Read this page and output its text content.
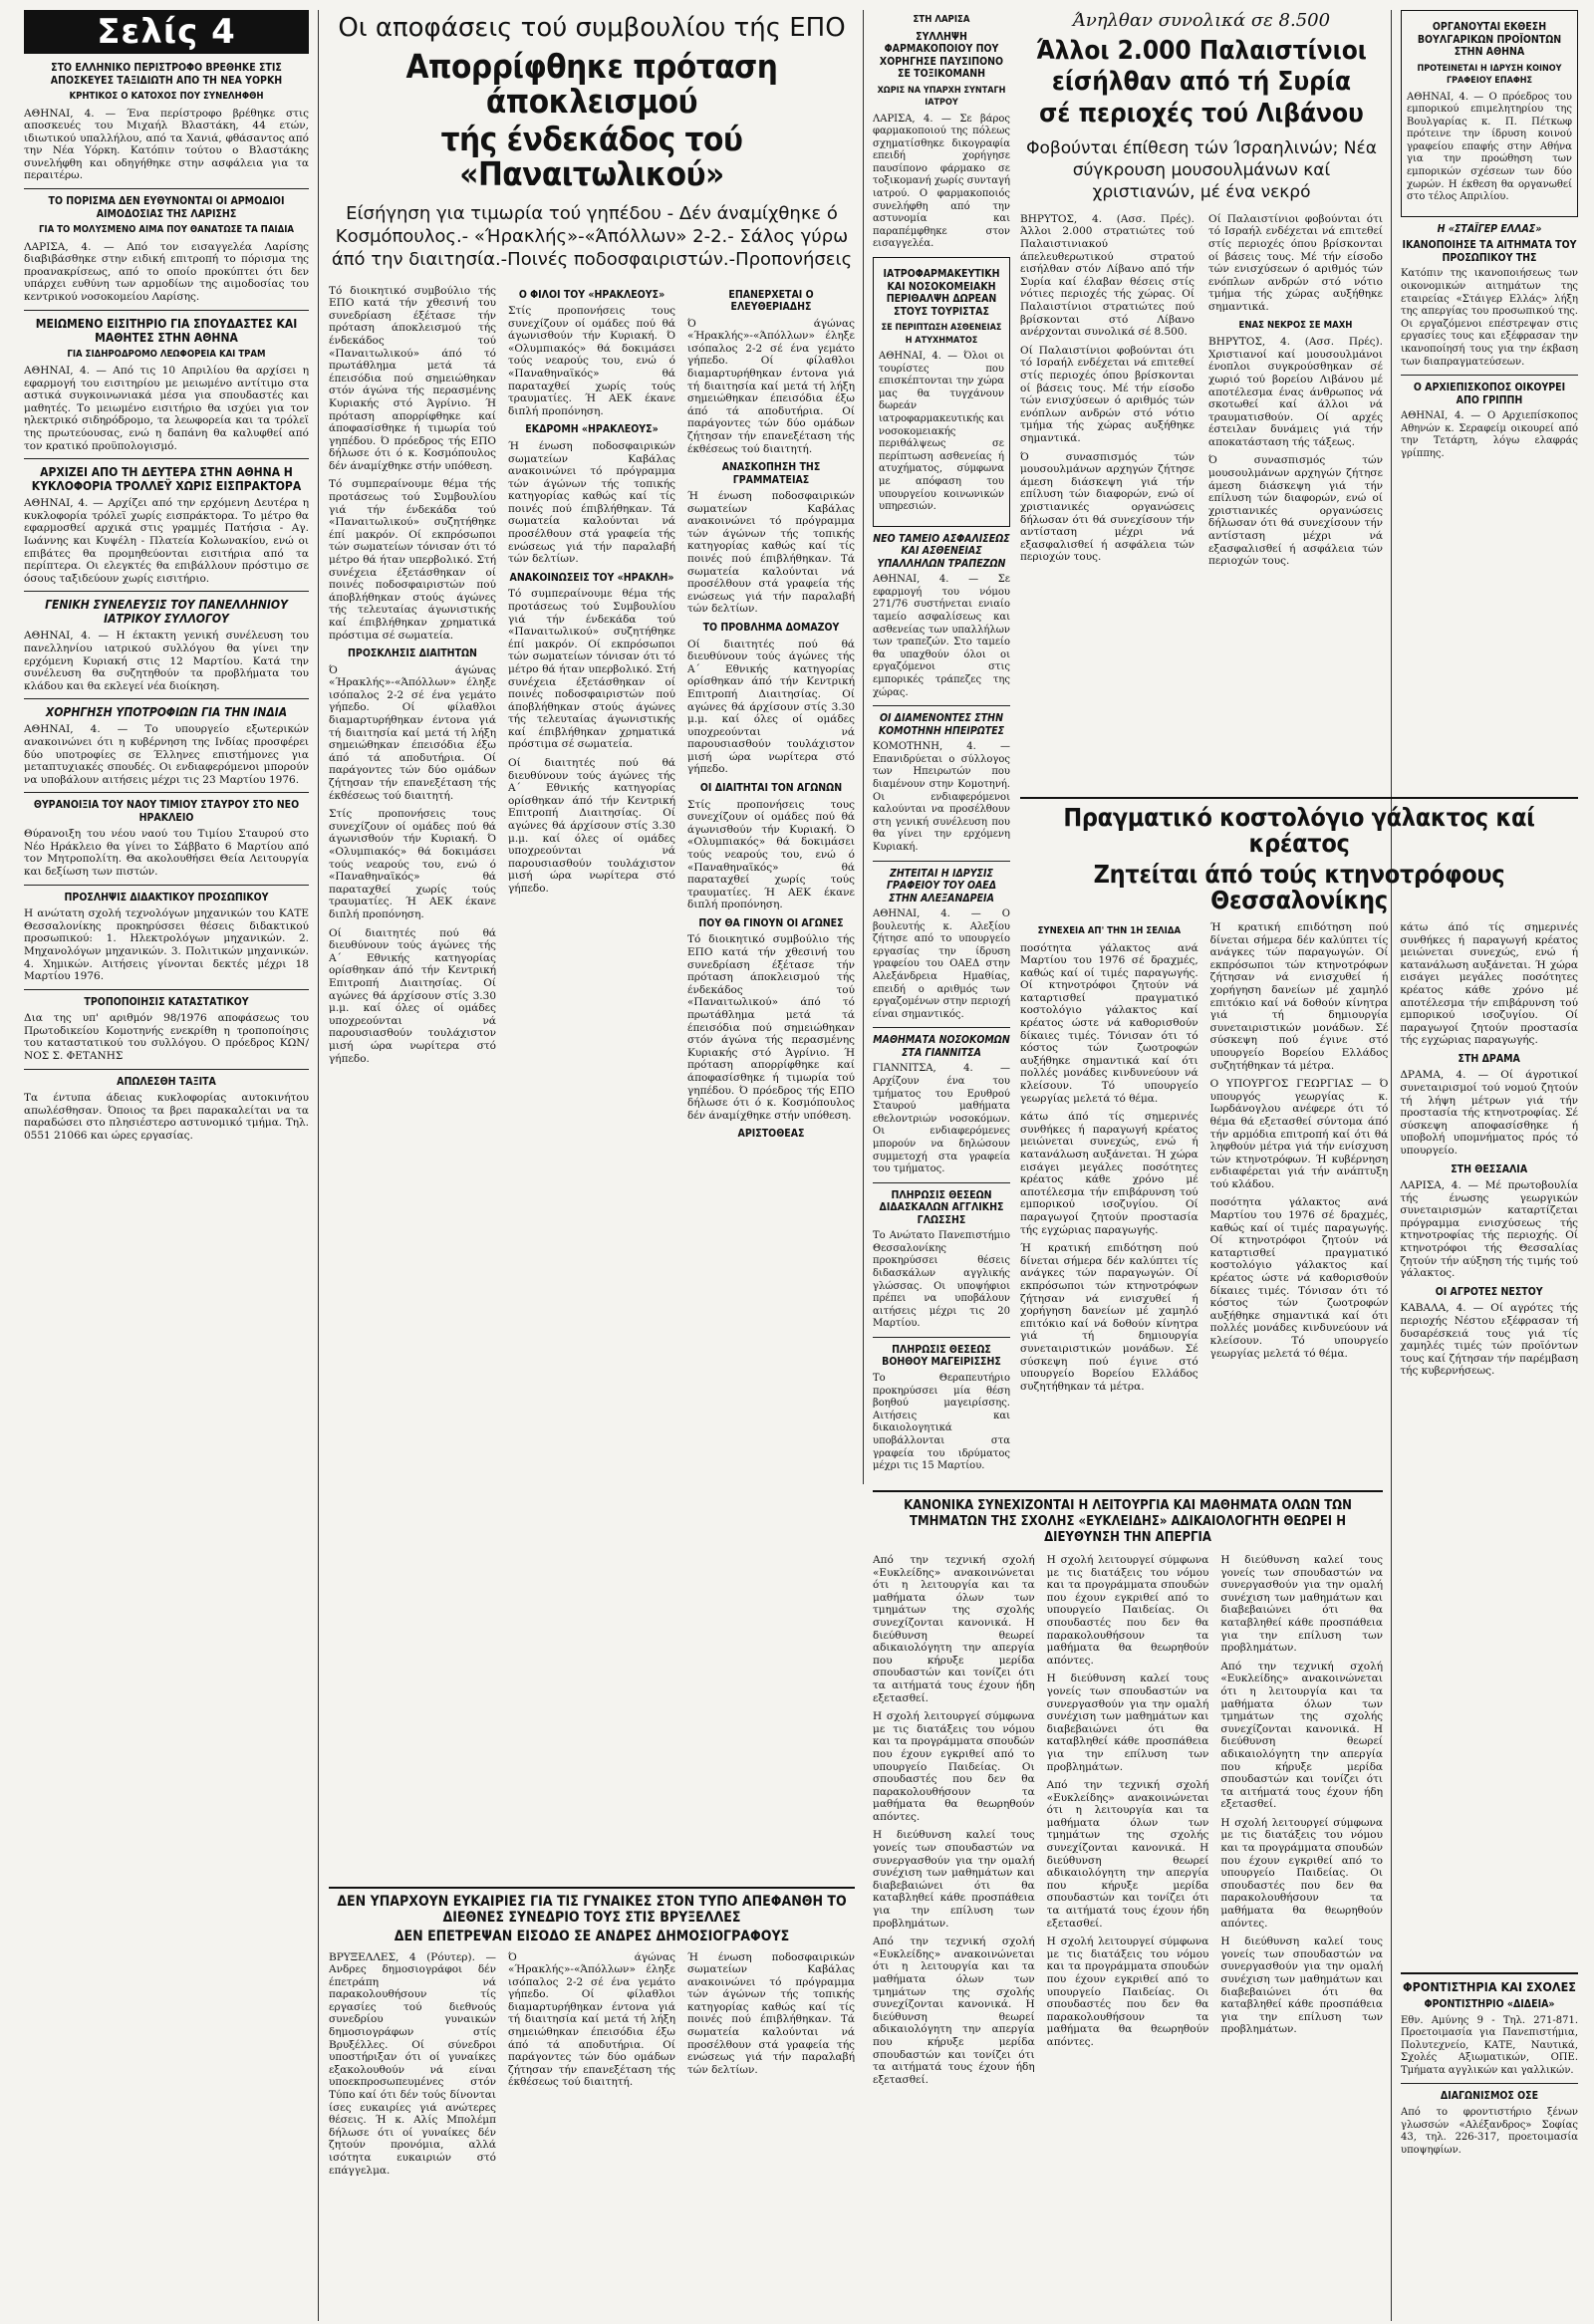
Σελίς 4
ΣΤΟ ΕΛΛΗΝΙΚΟ ΠΕΡΙΣΤΡΟΦΟ ΒΡΕΘΗΚΕ ΣΤΙΣ ΑΠΟΣΚΕΥΕΣ ΤΑΞΙΔΙΩΤΗ ΑΠΟ ΤΗ ΝΕΑ ΥΟΡΚΗ
ΚΡΗΤΙΚΟΣ Ο ΚΑΤΟΧΟΣ ΠΟΥ ΣΥΝΕΛΗΦΘΗ

ΑΘΗΝΑΙ, 4. — Ένα περίστροφο βρέθηκε στις αποσκευές του Μιχαήλ Βλαστάκη, 44 ετών, ιδιωτικού υπαλλήλου, από τα Χανιά, φθάσαντος από την Νέα Υόρκη. Κατόπιν τούτου ο Βλαστάκης συνελήφθη και οδηγήθηκε στην ασφάλεια για τα περαιτέρω.

ΤΟ ΠΟΡΙΣΜΑ ΔΕΝ ΕΥΘΥΝΟΝΤΑΙ ΟΙ ΑΡΜΟΔΙΟΙ ΑΙΜΟΔΟΣΙΑΣ ΤΗΣ ΛΑΡΙΣΗΣ
ΓΙΑ ΤΟ ΜΟΛΥΣΜΕΝΟ ΑΙΜΑ ΠΟΥ ΘΑΝΑΤΩΣΕ ΤΑ ΠΑΙΔΙΑ

ΛΑΡΙΣΑ, 4. — Από τον εισαγγελέα Λαρίσης διαβιβάσθηκε στην ειδική επιτροπή το πόρισμα της προανακρίσεως, από το οποίο προκύπτει ότι δεν υπάρχει ευθύνη των αρμοδίων της αιμοδοσίας του κεντρικού νοσοκομείου Λαρίσης.

ΜΕΙΩΜΕΝΟ ΕΙΣΙΤΗΡΙΟ ΓΙΑ ΣΠΟΥΔΑΣΤΕΣ ΚΑΙ ΜΑΘΗΤΕΣ ΣΤΗΝ ΑΘΗΝΑ
ΓΙΑ ΣΙΔΗΡΟΔΡΟΜΟ ΛΕΩΦΟΡΕΙΑ ΚΑΙ ΤΡΑΜ

ΑΘΗΝΑΙ, 4. — Από τις 10 Απριλίου θα αρχίσει η εφαρμογή του εισιτηρίου με μειωμένο αντίτιμο στα αστικά συγκοινωνιακά μέσα για σπουδαστές και μαθητές. Το μειωμένο εισιτήριο θα ισχύει για τον ηλεκτρικό σιδηρόδρομο, τα λεωφορεία και τα τρόλεϊ της πρωτεύουσας, ενώ η δαπάνη θα καλυφθεί από τον κρατικό προϋπολογισμό.

ΑΡΧΙΖΕΙ ΑΠΟ ΤΗ ΔΕΥΤΕΡΑ ΣΤΗΝ ΑΘΗΝΑ Η ΚΥΚΛΟΦΟΡΙΑ ΤΡΟΛΛΕΫ ΧΩΡΙΣ ΕΙΣΠΡΑΚΤΟΡΑ

ΑΘΗΝΑΙ, 4. — Αρχίζει από την ερχόμενη Δευτέρα η κυκλοφορία τρόλεϊ χωρίς εισπράκτορα. Το μέτρο θα εφαρμοσθεί αρχικά στις γραμμές Πατήσια - Αγ. Ιωάννης και Κυψέλη - Πλατεία Κολωνακίου, ενώ οι επιβάτες θα προμηθεύονται εισιτήρια από τα περίπτερα. Οι ελεγκτές θα επιβάλλουν πρόστιμο σε όσους ταξιδεύουν χωρίς εισιτήριο.

ΓΕΝΙΚΗ ΣΥΝΕΛΕΥΣΙΣ ΤΟΥ ΠΑΝΕΛΛΗΝΙΟΥ ΙΑΤΡΙΚΟΥ ΣΥΛΛΟΓΟΥ

ΑΘΗΝΑΙ, 4. — Η έκτακτη γενική συνέλευση του πανελληνίου ιατρικού συλλόγου θα γίνει την ερχόμενη Κυριακή στις 12 Μαρτίου. Κατά την συνέλευση θα συζητηθούν τα προβλήματα του κλάδου και θα εκλεγεί νέα διοίκηση.

ΧΟΡΗΓΗΣΗ ΥΠΟΤΡΟΦΙΩΝ ΓΙΑ ΤΗΝ ΙΝΔΙΑ

ΑΘΗΝΑΙ, 4. — Το υπουργείο εξωτερικών ανακοινώνει ότι η κυβέρνηση της Ινδίας προσφέρει δύο υποτροφίες σε Έλληνες επιστήμονες για μεταπτυχιακές σπουδές. Οι ενδιαφερόμενοι μπορούν να υποβάλουν αιτήσεις μέχρι τις 23 Μαρτίου 1976.

ΘΥΡΑΝΟΙΞΙΑ ΤΟΥ ΝΑΟΥ ΤΙΜΙΟΥ ΣΤΑΥΡΟΥ ΣΤΟ ΝΕΟ ΗΡΑΚΛΕΙΟ

Θύρανοιξη του νέου ναού του Τιμίου Σταυρού στο Νέο Ηράκλειο θα γίνει το Σάββατο 6 Μαρτίου από τον Μητροπολίτη. Θα ακολουθήσει Θεία Λειτουργία και δεξίωση των πιστών.

ΠΡΟΣΛΗΨΙΣ ΔΙΔΑΚΤΙΚΟΥ ΠΡΟΣΩΠΙΚΟΥ

Η ανώτατη σχολή τεχνολόγων μηχανικών του ΚΑΤΕ Θεσσαλονίκης προκηρύσσει θέσεις διδακτικού προσωπικού: 1. Ηλεκτρολόγων μηχανικών. 2. Μηχανολόγων μηχανικών. 3. Πολιτικών μηχανικών. 4. Χημικών. Αιτήσεις γίνονται δεκτές μέχρι 18 Μαρτίου 1976.

ΤΡΟΠΟΠΟΙΗΣΙΣ ΚΑΤΑΣΤΑΤΙΚΟΥ

Δια της υπ' αριθμόν 98/1976 αποφάσεως του Πρωτοδικείου Κομοτηνής ενεκρίθη η τροποποίησις του καταστατικού του συλλόγου. Ο πρόεδρος ΚΩΝ/ΝΟΣ Σ. ΦΕΤΑΝΗΣ

ΑΠΩΛΕΣΘΗ ΤΑΞΙΤΑ

Τα έντυπα άδειας κυκλοφορίας αυτοκινήτου απωλέσθησαν. Όποιος τα βρει παρακαλείται να τα παραδώσει στο πλησιέστερο αστυνομικό τμήμα. Τηλ. 0551 21066 και ώρες εργασίας.

Οι αποφάσεις τού συμβουλίου τής ΕΠΟ
Απορρίφθηκε πρόταση άποκλεισμού
τής ένδεκάδος τού «Παναιτωλικού»
Είσήγηση για τιμωρία τού γηπέδου - Δέν άναμίχθηκε ό Κοσμόπουλος.- «Ήρακλής»-«Άπόλλων» 2-2.- Σάλος γύρω άπό την διαιτησία.-Ποινές ποδοσφαιριστών.-Προπονήσεις

Τό διοικητικό συμβούλιο τής ΕΠΟ κατά τήν χθεσινή του συνεδρίαση έξέτασε τήν πρόταση άποκλεισμού τής ένδεκάδος τού «Παναιτωλικού» άπό τό πρωτάθλημα μετά τά έπεισόδια πού σημειώθηκαν στόν άγώνα τής περασμένης Κυριακής στό Άγρίνιο. Ή πρόταση απορρίφθηκε καί άποφασίσθηκε ή τιμωρία τού γηπέδου. Ό πρόεδρος τής ΕΠΟ δήλωσε ότι ό κ. Κοσμόπουλος δέν άναμίχθηκε στήν υπόθεση.

Τό συμπεραίνουμε θέμα τής προτάσεως τού Συμβουλίου γιά τήν ένδεκάδα τού «Παναιτωλικού» συζητήθηκε έπί μακρόν. Οί εκπρόσωποι τών σωματείων τόνισαν ότι τό μέτρο θά ήταν υπερβολικό. Στή συνέχεια έξετάσθηκαν οί ποινές ποδοσφαιριστών πού άποβλήθηκαν στούς άγώνες τής τελευταίας άγωνιστικής καί έπιβλήθηκαν χρηματικά πρόστιμα σέ σωματεία.

ΠΡΟΣΚΛΗΣΙΣ ΔΙΑΙΤΗΤΩΝ

Ό άγώνας «Ήρακλής»-«Άπόλλων» έληξε ισόπαλος 2-2 σέ ένα γεμάτο γήπεδο. Οί φίλαθλοι διαμαρτυρήθηκαν έντονα γιά τή διαιτησία καί μετά τή λήξη σημειώθηκαν έπεισόδια έξω άπό τά αποδυτήρια. Οί παράγοντες τών δύο ομάδων ζήτησαν τήν επανεξέταση τής έκθέσεως τού διαιτητή.

Στίς προπονήσεις τους συνεχίζουν οί ομάδες πού θά άγωνισθούν τήν Κυριακή. Ό «Ολυμπιακός» θά δοκιμάσει τούς νεαρούς του, ενώ ό «Παναθηναϊκός» θά παραταχθεί χωρίς τούς τραυματίες. Ή ΑΕΚ έκανε διπλή προπόνηση.

Οί διαιτητές πού θά διευθύνουν τούς άγώνες τής Α΄ Εθνικής κατηγορίας ορίσθηκαν άπό τήν Κεντρική Επιτροπή Διαιτησίας. Οί αγώνες θά άρχίσουν στίς 3.30 μ.μ. καί όλες οί ομάδες υποχρεούνται νά παρουσιασθούν τουλάχιστον μισή ώρα νωρίτερα στό γήπεδο.

Ο ΦΙΛΟΙ ΤΟΥ «ΗΡΑΚΛΕΟΥΣ»

Στίς προπονήσεις τους συνεχίζουν οί ομάδες πού θά άγωνισθούν τήν Κυριακή. Ό «Ολυμπιακός» θά δοκιμάσει τούς νεαρούς του, ενώ ό «Παναθηναϊκός» θά παραταχθεί χωρίς τούς τραυματίες. Ή ΑΕΚ έκανε διπλή προπόνηση.

ΕΚΔΡΟΜΗ «ΗΡΑΚΛΕΟΥΣ»

Ή ένωση ποδοσφαιρικών σωματείων Καβάλας ανακοινώνει τό πρόγραμμα τών άγώνων τής τοπικής κατηγορίας καθώς καί τίς ποινές πού έπιβλήθηκαν. Τά σωματεία καλούνται νά προσέλθουν στά γραφεία τής ενώσεως γιά τήν παραλαβή τών δελτίων.

ΑΝΑΚΟΙΝΩΣΕΙΣ ΤΟΥ «ΗΡΑΚΛΗ»

Τό συμπεραίνουμε θέμα τής προτάσεως τού Συμβουλίου γιά τήν ένδεκάδα τού «Παναιτωλικού» συζητήθηκε έπί μακρόν. Οί εκπρόσωποι τών σωματείων τόνισαν ότι τό μέτρο θά ήταν υπερβολικό. Στή συνέχεια έξετάσθηκαν οί ποινές ποδοσφαιριστών πού άποβλήθηκαν στούς άγώνες τής τελευταίας άγωνιστικής καί έπιβλήθηκαν χρηματικά πρόστιμα σέ σωματεία.

Οί διαιτητές πού θά διευθύνουν τούς άγώνες τής Α΄ Εθνικής κατηγορίας ορίσθηκαν άπό τήν Κεντρική Επιτροπή Διαιτησίας. Οί αγώνες θά άρχίσουν στίς 3.30 μ.μ. καί όλες οί ομάδες υποχρεούνται νά παρουσιασθούν τουλάχιστον μισή ώρα νωρίτερα στό γήπεδο.

ΕΠΑΝΕΡΧΕΤΑΙ Ο ΕΛΕΥΘΕΡΙΑΔΗΣ

Ό άγώνας «Ήρακλής»-«Άπόλλων» έληξε ισόπαλος 2-2 σέ ένα γεμάτο γήπεδο. Οί φίλαθλοι διαμαρτυρήθηκαν έντονα γιά τή διαιτησία καί μετά τή λήξη σημειώθηκαν έπεισόδια έξω άπό τά αποδυτήρια. Οί παράγοντες τών δύο ομάδων ζήτησαν τήν επανεξέταση τής έκθέσεως τού διαιτητή.

ΑΝΑΣΚΟΠΗΣΗ ΤΗΣ ΓΡΑΜΜΑΤΕΙΑΣ

Ή ένωση ποδοσφαιρικών σωματείων Καβάλας ανακοινώνει τό πρόγραμμα τών άγώνων τής τοπικής κατηγορίας καθώς καί τίς ποινές πού έπιβλήθηκαν. Τά σωματεία καλούνται νά προσέλθουν στά γραφεία τής ενώσεως γιά τήν παραλαβή τών δελτίων.

ΤΟ ΠΡΟΒΛΗΜΑ ΔΟΜΑΖΟΥ

Οί διαιτητές πού θά διευθύνουν τούς άγώνες τής Α΄ Εθνικής κατηγορίας ορίσθηκαν άπό τήν Κεντρική Επιτροπή Διαιτησίας. Οί αγώνες θά άρχίσουν στίς 3.30 μ.μ. καί όλες οί ομάδες υποχρεούνται νά παρουσιασθούν τουλάχιστον μισή ώρα νωρίτερα στό γήπεδο.

ΟΙ ΔΙΑΙΤΗΤΑΙ ΤΟΝ ΑΓΩΝΩΝ

Στίς προπονήσεις τους συνεχίζουν οί ομάδες πού θά άγωνισθούν τήν Κυριακή. Ό «Ολυμπιακός» θά δοκιμάσει τούς νεαρούς του, ενώ ό «Παναθηναϊκός» θά παραταχθεί χωρίς τούς τραυματίες. Ή ΑΕΚ έκανε διπλή προπόνηση.

ΠΟΥ ΘΑ ΓΙΝΟΥΝ ΟΙ ΑΓΩΝΕΣ

Τό διοικητικό συμβούλιο τής ΕΠΟ κατά τήν χθεσινή του συνεδρίαση έξέτασε τήν πρόταση άποκλεισμού τής ένδεκάδος τού «Παναιτωλικού» άπό τό πρωτάθλημα μετά τά έπεισόδια πού σημειώθηκαν στόν άγώνα τής περασμένης Κυριακής στό Άγρίνιο. Ή πρόταση απορρίφθηκε καί άποφασίσθηκε ή τιμωρία τού γηπέδου. Ό πρόεδρος τής ΕΠΟ δήλωσε ότι ό κ. Κοσμόπουλος δέν άναμίχθηκε στήν υπόθεση.

ΑΡΙΣΤΟΘΕΑΣ
ΔΕΝ ΥΠΑΡΧΟΥΝ ΕΥΚΑΙΡΙΕΣ ΓΙΑ ΤΙΣ ΓΥΝΑΙΚΕΣ ΣΤΟΝ ΤΥΠΟ ΑΠΕΦΑΝΘΗ ΤΟ ΔΙΕΘΝΕΣ ΣΥΝΕΔΡΙΟ ΤΟΥΣ ΣΤΙΣ ΒΡΥΞΕΛΛΕΣ
ΔΕΝ ΕΠΕΤΡΕΨΑΝ ΕΙΣΟΔΟ ΣΕ ΑΝΔΡΕΣ ΔΗΜΟΣΙΟΓΡΑΦΟΥΣ

ΒΡΥΞΕΛΛΕΣ, 4 (Ρόυτερ). — Ανδρες δημοσιογράφοι δέν έπετράπη νά παρακολουθήσουν τίς εργασίες τού διεθνούς συνεδρίου γυναικών δημοσιογράφων στίς Βρυξέλλες. Οί σύνεδροι υποστήριξαν ότι οί γυναίκες εξακολουθούν νά είναι υποεκπροσωπευμένες στόν Τύπο καί ότι δέν τούς δίνονται ίσες ευκαιρίες γιά ανώτερες θέσεις. Ή κ. Αλίς Μπολέμπ δήλωσε ότι οί γυναίκες δέν ζητούν προνόμια, αλλά ισότητα ευκαιριών στό επάγγελμα.

Ό άγώνας «Ήρακλής»-«Άπόλλων» έληξε ισόπαλος 2-2 σέ ένα γεμάτο γήπεδο. Οί φίλαθλοι διαμαρτυρήθηκαν έντονα γιά τή διαιτησία καί μετά τή λήξη σημειώθηκαν έπεισόδια έξω άπό τά αποδυτήρια. Οί παράγοντες τών δύο ομάδων ζήτησαν τήν επανεξέταση τής έκθέσεως τού διαιτητή.

Ή ένωση ποδοσφαιρικών σωματείων Καβάλας ανακοινώνει τό πρόγραμμα τών άγώνων τής τοπικής κατηγορίας καθώς καί τίς ποινές πού έπιβλήθηκαν. Τά σωματεία καλούνται νά προσέλθουν στά γραφεία τής ενώσεως γιά τήν παραλαβή τών δελτίων.

ΣΤΗ ΛΑΡΙΣΑ
ΣΥΛΛΗΨΗ ΦΑΡΜΑΚΟΠΟΙΟΥ ΠΟΥ ΧΟΡΗΓΗΣΕ ΠΑΥΣΙΠΟΝΟ ΣΕ ΤΟΞΙΚΟΜΑΝΗ
ΧΩΡΙΣ ΝΑ ΥΠΑΡΧΗ ΣΥΝΤΑΓΗ ΙΑΤΡΟΥ

ΛΑΡΙΣΑ, 4. — Σε βάρος φαρμακοποιού της πόλεως σχηματίσθηκε δικογραφία επειδή χορήγησε παυσίπονο φάρμακο σε τοξικομανή χωρίς συνταγή ιατρού. Ο φαρμακοποιός συνελήφθη από την αστυνομία και παραπέμφθηκε στον εισαγγελέα.

ΙΑΤΡΟΦΑΡΜΑΚΕΥΤΙΚΗ ΚΑΙ ΝΟΣΟΚΟΜΕΙΑΚΗ ΠΕΡΙΘΑΛΨΗ ΔΩΡΕΑΝ ΣΤΟΥΣ ΤΟΥΡΙΣΤΑΣ
ΣΕ ΠΕΡΙΠΤΩΣΗ ΑΣΘΕΝΕΙΑΣ Η ΑΤΥΧΗΜΑΤΟΣ

ΑΘΗΝΑΙ, 4. — Όλοι οι τουρίστες που επισκέπτονται την χώρα μας θα τυγχάνουν δωρεάν ιατροφαρμακευτικής και νοσοκομειακής περιθάλψεως σε περίπτωση ασθενείας ή ατυχήματος, σύμφωνα με απόφαση του υπουργείου κοινωνικών υπηρεσιών.

ΝΕΟ ΤΑΜΕΙΟ ΑΣΦΑΛΙΣΕΩΣ ΚΑΙ ΑΣΘΕΝΕΙΑΣ ΥΠΑΛΛΗΛΩΝ ΤΡΑΠΕΖΩΝ

ΑΘΗΝΑΙ, 4. — Σε εφαρμογή του νόμου 271/76 συστήνεται ενιαίο ταμείο ασφαλίσεως και ασθενείας των υπαλλήλων των τραπεζών. Στο ταμείο θα υπαχθούν όλοι οι εργαζόμενοι στις εμπορικές τράπεζες της χώρας.

ΟΙ ΔΙΑΜΕΝΟΝΤΕΣ ΣΤΗΝ ΚΟΜΟΤΗΝΗ ΗΠΕΙΡΩΤΕΣ

ΚΟΜΟΤΗΝΗ, 4. — Επανιδρύεται ο σύλλογος των Ηπειρωτών που διαμένουν στην Κομοτηνή. Οι ενδιαφερόμενοι καλούνται να προσέλθουν στη γενική συνέλευση που θα γίνει την ερχόμενη Κυριακή.

ΖΗΤΕΙΤΑΙ Η ΙΔΡΥΣΙΣ ΓΡΑΦΕΙΟΥ ΤΟΥ ΟΑΕΔ ΣΤΗΝ ΑΛΕΞΑΝΔΡΕΙΑ

ΑΘΗΝΑΙ, 4. — Ο βουλευτής κ. Αλεξίου ζήτησε από το υπουργείο εργασίας την ίδρυση γραφείου του ΟΑΕΔ στην Αλεξάνδρεια Ημαθίας, επειδή ο αριθμός των εργαζομένων στην περιοχή είναι σημαντικός.

ΜΑΘΗΜΑΤΑ ΝΟΣΟΚΟΜΩΝ ΣΤΑ ΓΙΑΝΝΙΤΣΑ

ΓΙΑΝΝΙΤΣΑ, 4. — Αρχίζουν ένα του τμήματος του Ερυθρού Σταυρού μαθήματα εθελοντριών νοσοκόμων. Οι ενδιαφερόμενες μπορούν να δηλώσουν συμμετοχή στα γραφεία του τμήματος.

ΠΛΗΡΩΣΙΣ ΘΕΣΕΩΝ ΔΙΔΑΣΚΑΛΩΝ ΑΓΓΛΙΚΗΣ ΓΛΩΣΣΗΣ

Το Ανώτατο Πανεπιστήμιο Θεσσαλονίκης προκηρύσσει θέσεις διδασκάλων αγγλικής γλώσσας. Οι υποψήφιοι πρέπει να υποβάλουν αιτήσεις μέχρι τις 20 Μαρτίου.

ΠΛΗΡΩΣΙΣ ΘΕΣΕΩΣ ΒΟΗΘΟΥ ΜΑΓΕΙΡΙΣΣΗΣ

Το Θεραπευτήριο προκηρύσσει μία θέση βοηθού μαγειρίσσης. Αιτήσεις και δικαιολογητικά υποβάλλονται στα γραφεία του ιδρύματος μέχρι τις 15 Μαρτίου.

Άνηλθαν συνολικά σε 8.500
Άλλοι 2.000 Παλαιστίνιοι
είσήλθαν από τή Συρία
σέ περιοχές τού Λιβάνου
Φοβούνται έπίθεση τών Ίσραηλινών; Νέα σύγκρουση μουσουλμάνων καί χριστιανών, μέ ένα νεκρό

ΒΗΡΥΤΟΣ, 4. (Ασσ. Πρές). Άλλοι 2.000 στρατιώτες τού Παλαιστινιακού άπελευθερωτικού στρατού εισήλθαν στόν Λίβανο από τήν Συρία καί έλαβαν θέσεις στίς νότιες περιοχές τής χώρας. Οί Παλαιστίνιοι στρατιώτες πού βρίσκονται στό Λίβανο ανέρχονται συνολικά σέ 8.500.

Οί Παλαιστίνιοι φοβούνται ότι τό Ισραήλ ενδέχεται νά επιτεθεί στίς περιοχές όπου βρίσκονται οί βάσεις τους. Μέ τήν είσοδο τών ενισχύσεων ό αριθμός τών ενόπλων ανδρών στό νότιο τμήμα τής χώρας αυξήθηκε σημαντικά.

Ό συνασπισμός τών μουσουλμάνων αρχηγών ζήτησε άμεση διάσκεψη γιά τήν επίλυση τών διαφορών, ενώ οί χριστιανικές οργανώσεις δήλωσαν ότι θά συνεχίσουν τήν αντίσταση μέχρι νά εξασφαλισθεί ή ασφάλεια τών περιοχών τους.

Οί Παλαιστίνιοι φοβούνται ότι τό Ισραήλ ενδέχεται νά επιτεθεί στίς περιοχές όπου βρίσκονται οί βάσεις τους. Μέ τήν είσοδο τών ενισχύσεων ό αριθμός τών ενόπλων ανδρών στό νότιο τμήμα τής χώρας αυξήθηκε σημαντικά.

ΕΝΑΣ ΝΕΚΡΟΣ ΣΕ ΜΑΧΗ

ΒΗΡΥΤΟΣ, 4. (Ασσ. Πρές). Χριστιανοί καί μουσουλμάνοι ένοπλοι συγκρούσθηκαν σέ χωριό τού βορείου Λιβάνου μέ αποτέλεσμα ένας άνθρωπος νά σκοτωθεί καί άλλοι νά τραυματισθούν. Οί αρχές έστειλαν δυνάμεις γιά τήν αποκατάσταση τής τάξεως.

Ό συνασπισμός τών μουσουλμάνων αρχηγών ζήτησε άμεση διάσκεψη γιά τήν επίλυση τών διαφορών, ενώ οί χριστιανικές οργανώσεις δήλωσαν ότι θά συνεχίσουν τήν αντίσταση μέχρι νά εξασφαλισθεί ή ασφάλεια τών περιοχών τους.

ΟΡΓΑΝΟΥΤΑΙ ΕΚΘΕΣΗ ΒΟΥΛΓΑΡΙΚΩΝ ΠΡΟΪΟΝΤΩΝ ΣΤΗΝ ΑΘΗΝΑ
ΠΡΟΤΕΙΝΕΤΑΙ Η ΙΔΡΥΣΗ ΚΟΙΝΟΥ ΓΡΑΦΕΙΟΥ ΕΠΑΦΗΣ

ΑΘΗΝΑΙ, 4. — Ο πρόεδρος του εμπορικού επιμελητηρίου της Βουλγαρίας κ. Π. Πέτκωφ πρότεινε την ίδρυση κοινού γραφείου επαφής στην Αθήνα για την προώθηση των εμπορικών σχέσεων των δύο χωρών. Η έκθεση θα οργανωθεί στο τέλος Απριλίου.

Η «ΣΤΑΪΓΕΡ ΕΛΛΑΣ»
ΙΚΑΝΟΠΟΙΗΣΕ ΤΑ ΑΙΤΗΜΑΤΑ ΤΟΥ ΠΡΟΣΩΠΙΚΟΥ ΤΗΣ

Κατόπιν της ικανοποιήσεως των οικονομικών αιτημάτων της εταιρείας «Στάιγερ Ελλάς» λήξη της απεργίας του προσωπικού της. Οι εργαζόμενοι επέστρεψαν στις εργασίες τους και εξέφρασαν την ικανοποίησή τους για την έκβαση των διαπραγματεύσεων.

Ο ΑΡΧΙΕΠΙΣΚΟΠΟΣ ΟΙΚΟΥΡΕΙ ΑΠΟ ΓΡΙΠΠΗ

ΑΘΗΝΑΙ, 4. — Ο Αρχιεπίσκοπος Αθηνών κ. Σεραφείμ οικουρεί από την Τετάρτη, λόγω ελαφράς γρίππης.

Πραγματικό κοστολόγιο γάλακτος καί κρέατος
Ζητείται άπό τούς κτηνοτρόφους Θεσσαλονίκης
ΣΥΝΕΧΕΙΑ ΑΠ' ΤΗΝ 1Η ΣΕΛΙΔΑ

ποσότητα γάλακτος ανά Μαρτίου του 1976 σέ δραχμές, καθώς καί οί τιμές παραγωγής. Οί κτηνοτρόφοι ζητούν νά καταρτισθεί πραγματικό κοστολόγιο γάλακτος καί κρέατος ώστε νά καθορισθούν δίκαιες τιμές. Τόνισαν ότι τό κόστος τών ζωοτροφών αυξήθηκε σημαντικά καί ότι πολλές μονάδες κινδυνεύουν νά κλείσουν. Τό υπουργείο γεωργίας μελετά τό θέμα.

κάτω άπό τίς σημερινές συνθήκες ή παραγωγή κρέατος μειώνεται συνεχώς, ενώ ή κατανάλωση αυξάνεται. Ή χώρα εισάγει μεγάλες ποσότητες κρέατος κάθε χρόνο μέ αποτέλεσμα τήν επιβάρυνση τού εμπορικού ισοζυγίου. Οί παραγωγοί ζητούν προστασία τής εγχώριας παραγωγής.

Ή κρατική επιδότηση πού δίνεται σήμερα δέν καλύπτει τίς ανάγκες τών παραγωγών. Οί εκπρόσωποι τών κτηνοτρόφων ζήτησαν νά ενισχυθεί ή χορήγηση δανείων μέ χαμηλό επιτόκιο καί νά δοθούν κίνητρα γιά τή δημιουργία συνεταιριστικών μονάδων. Σέ σύσκεψη πού έγινε στό υπουργείο Βορείου Ελλάδος συζητήθηκαν τά μέτρα.

Ή κρατική επιδότηση πού δίνεται σήμερα δέν καλύπτει τίς ανάγκες τών παραγωγών. Οί εκπρόσωποι τών κτηνοτρόφων ζήτησαν νά ενισχυθεί ή χορήγηση δανείων μέ χαμηλό επιτόκιο καί νά δοθούν κίνητρα γιά τή δημιουργία συνεταιριστικών μονάδων. Σέ σύσκεψη πού έγινε στό υπουργείο Βορείου Ελλάδος συζητήθηκαν τά μέτρα.

Ο ΥΠΟΥΡΓΟΣ ΓΕΩΡΓΙΑΣ — Ό υπουργός γεωργίας κ. Ιωρδάνογλου ανέφερε ότι τό θέμα θά εξετασθεί σύντομα άπό τήν αρμόδια επιτροπή καί ότι θά ληφθούν μέτρα γιά τήν ενίσχυση τών κτηνοτρόφων. Ή κυβέρνηση ενδιαφέρεται γιά τήν ανάπτυξη τού κλάδου.

ποσότητα γάλακτος ανά Μαρτίου του 1976 σέ δραχμές, καθώς καί οί τιμές παραγωγής. Οί κτηνοτρόφοι ζητούν νά καταρτισθεί πραγματικό κοστολόγιο γάλακτος καί κρέατος ώστε νά καθορισθούν δίκαιες τιμές. Τόνισαν ότι τό κόστος τών ζωοτροφών αυξήθηκε σημαντικά καί ότι πολλές μονάδες κινδυνεύουν νά κλείσουν. Τό υπουργείο γεωργίας μελετά τό θέμα.

κάτω άπό τίς σημερινές συνθήκες ή παραγωγή κρέατος μειώνεται συνεχώς, ενώ ή κατανάλωση αυξάνεται. Ή χώρα εισάγει μεγάλες ποσότητες κρέατος κάθε χρόνο μέ αποτέλεσμα τήν επιβάρυνση τού εμπορικού ισοζυγίου. Οί παραγωγοί ζητούν προστασία τής εγχώριας παραγωγής.

ΣΤΗ ΔΡΑΜΑ

ΔΡΑΜΑ, 4. — Οί άγροτικοί συνεταιρισμοί τού νομού ζητούν τή λήψη μέτρων γιά τήν προστασία τής κτηνοτροφίας. Σέ σύσκεψη αποφασίσθηκε ή υποβολή υπομνήματος πρός τό υπουργείο.

ΣΤΗ ΘΕΣΣΑΛΙΑ

ΛΑΡΙΣΑ, 4. — Μέ πρωτοβουλία τής ένωσης γεωργικών συνεταιρισμών καταρτίζεται πρόγραμμα ενισχύσεως τής κτηνοτροφίας τής περιοχής. Οί κτηνοτρόφοι τής Θεσσαλίας ζητούν τήν αύξηση τής τιμής τού γάλακτος.

ΟΙ ΑΓΡΟΤΕΣ ΝΕΣΤΟΥ

ΚΑΒΑΛΑ, 4. — Οί αγρότες τής περιοχής Νέστου εξέφρασαν τή δυσαρέσκειά τους γιά τίς χαμηλές τιμές τών προϊόντων τους καί ζήτησαν τήν παρέμβαση τής κυβερνήσεως.

ΚΑΝΟΝΙΚΑ ΣΥΝΕΧΙΖΟΝΤΑΙ Η ΛΕΙΤΟΥΡΓΙΑ ΚΑΙ ΜΑΘΗΜΑΤΑ ΟΛΩΝ ΤΩΝ ΤΜΗΜΑΤΩΝ ΤΗΣ ΣΧΟΛΗΣ «ΕΥΚΛΕΙΔΗΣ» ΑΔΙΚΑΙΟΛΟΓΗΤΗ ΘΕΩΡΕΙ Η ΔΙΕΥΘΥΝΣΗ ΤΗΝ ΑΠΕΡΓΙΑ

Από την τεχνική σχολή «Ευκλείδης» ανακοινώνεται ότι η λειτουργία και τα μαθήματα όλων των τμημάτων της σχολής συνεχίζονται κανονικά. Η διεύθυνση θεωρεί αδικαιολόγητη την απεργία που κήρυξε μερίδα σπουδαστών και τονίζει ότι τα αιτήματά τους έχουν ήδη εξετασθεί.

Η σχολή λειτουργεί σύμφωνα με τις διατάξεις του νόμου και τα προγράμματα σπουδών που έχουν εγκριθεί από το υπουργείο Παιδείας. Οι σπουδαστές που δεν θα παρακολουθήσουν τα μαθήματα θα θεωρηθούν απόντες.

Η διεύθυνση καλεί τους γονείς των σπουδαστών να συνεργασθούν για την ομαλή συνέχιση των μαθημάτων και διαβεβαιώνει ότι θα καταβληθεί κάθε προσπάθεια για την επίλυση των προβλημάτων.

Από την τεχνική σχολή «Ευκλείδης» ανακοινώνεται ότι η λειτουργία και τα μαθήματα όλων των τμημάτων της σχολής συνεχίζονται κανονικά. Η διεύθυνση θεωρεί αδικαιολόγητη την απεργία που κήρυξε μερίδα σπουδαστών και τονίζει ότι τα αιτήματά τους έχουν ήδη εξετασθεί.

Η σχολή λειτουργεί σύμφωνα με τις διατάξεις του νόμου και τα προγράμματα σπουδών που έχουν εγκριθεί από το υπουργείο Παιδείας. Οι σπουδαστές που δεν θα παρακολουθήσουν τα μαθήματα θα θεωρηθούν απόντες.

Η διεύθυνση καλεί τους γονείς των σπουδαστών να συνεργασθούν για την ομαλή συνέχιση των μαθημάτων και διαβεβαιώνει ότι θα καταβληθεί κάθε προσπάθεια για την επίλυση των προβλημάτων.

Από την τεχνική σχολή «Ευκλείδης» ανακοινώνεται ότι η λειτουργία και τα μαθήματα όλων των τμημάτων της σχολής συνεχίζονται κανονικά. Η διεύθυνση θεωρεί αδικαιολόγητη την απεργία που κήρυξε μερίδα σπουδαστών και τονίζει ότι τα αιτήματά τους έχουν ήδη εξετασθεί.

Η σχολή λειτουργεί σύμφωνα με τις διατάξεις του νόμου και τα προγράμματα σπουδών που έχουν εγκριθεί από το υπουργείο Παιδείας. Οι σπουδαστές που δεν θα παρακολουθήσουν τα μαθήματα θα θεωρηθούν απόντες.

Η διεύθυνση καλεί τους γονείς των σπουδαστών να συνεργασθούν για την ομαλή συνέχιση των μαθημάτων και διαβεβαιώνει ότι θα καταβληθεί κάθε προσπάθεια για την επίλυση των προβλημάτων.

Από την τεχνική σχολή «Ευκλείδης» ανακοινώνεται ότι η λειτουργία και τα μαθήματα όλων των τμημάτων της σχολής συνεχίζονται κανονικά. Η διεύθυνση θεωρεί αδικαιολόγητη την απεργία που κήρυξε μερίδα σπουδαστών και τονίζει ότι τα αιτήματά τους έχουν ήδη εξετασθεί.

Η σχολή λειτουργεί σύμφωνα με τις διατάξεις του νόμου και τα προγράμματα σπουδών που έχουν εγκριθεί από το υπουργείο Παιδείας. Οι σπουδαστές που δεν θα παρακολουθήσουν τα μαθήματα θα θεωρηθούν απόντες.

Η διεύθυνση καλεί τους γονείς των σπουδαστών να συνεργασθούν για την ομαλή συνέχιση των μαθημάτων και διαβεβαιώνει ότι θα καταβληθεί κάθε προσπάθεια για την επίλυση των προβλημάτων.

ΦΡΟΝΤΙΣΤΗΡΙΑ ΚΑΙ ΣΧΟΛΕΣ
ΦΡΟΝΤΙΣΤΗΡΙΟ «ΔΙΔΕΙΑ»

Εθν. Αμύνης 9 - Τηλ. 271-871. Προετοιμασία για Πανεπιστήμια, Πολυτεχνείο, ΚΑΤΕ, Ναυτικά, Σχολές Αξιωματικών, ΟΠΕ. Τμήματα αγγλικών και γαλλικών.

ΔΙΑΓΩΝΙΣΜΟΣ ΟΣΕ

Από το φροντιστήριο ξένων γλωσσών «Αλέξανδρος» Σοφίας 43, τηλ. 226-317, προετοιμασία υποψηφίων.
